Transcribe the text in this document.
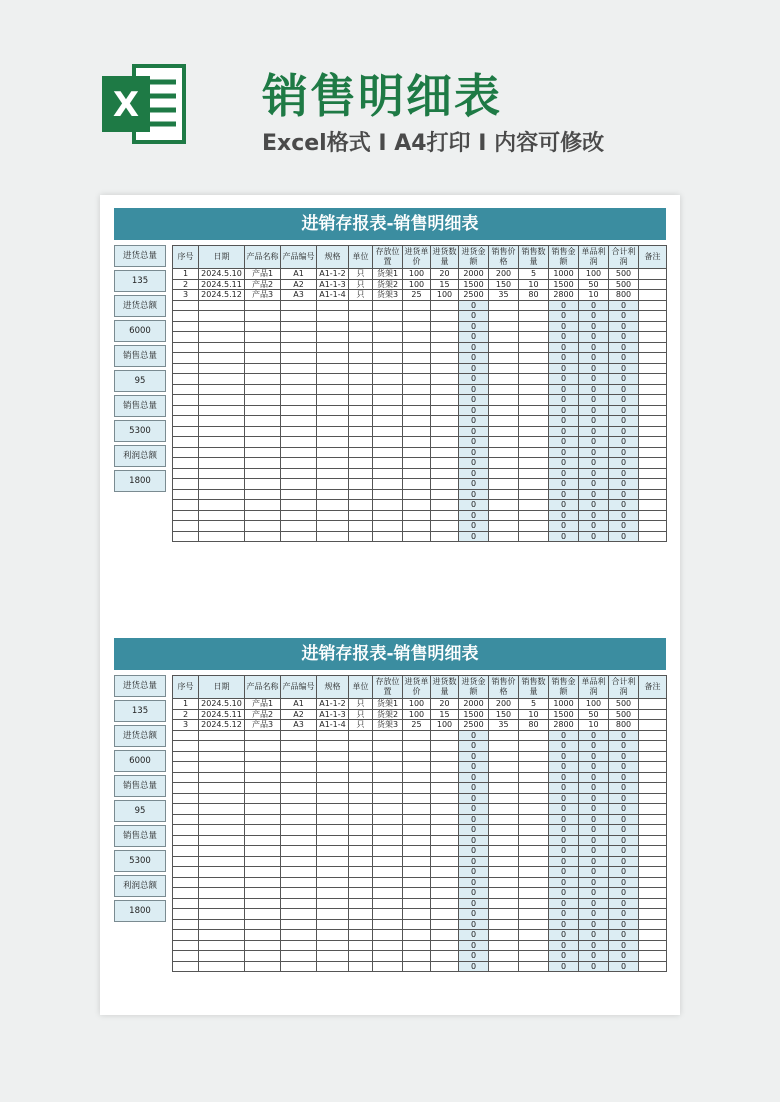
X	销售明细表
Excel格式 I A4打印 I 内容可修改
进销存报表-销售明细表
进货总量
135
进货总额
6000
销售总量
95
销售总量
5300
利润总额
1800
序号	日期	产品名称	产品编号	规格	单位	存放位置	进货单价	进货数量	进货金额	销售价格	销售数量	销售金额	单品利润	合计利润	备注
1	2024.5.10	产品1	A1	A1-1-2	只	货架1	100	20	2000	200	5	1000	100	500	
2	2024.5.11	产品2	A2	A1-1-3	只	货架2	100	15	1500	150	10	1500	50	500	
3	2024.5.12	产品3	A3	A1-1-4	只	货架3	25	100	2500	35	80	2800	10	800	
									0			0	0	0	
									0			0	0	0	
									0			0	0	0	
									0			0	0	0	
									0			0	0	0	
									0			0	0	0	
									0			0	0	0	
									0			0	0	0	
									0			0	0	0	
									0			0	0	0	
									0			0	0	0	
									0			0	0	0	
									0			0	0	0	
									0			0	0	0	
									0			0	0	0	
									0			0	0	0	
									0			0	0	0	
									0			0	0	0	
									0			0	0	0	
									0			0	0	0	
									0			0	0	0	
									0			0	0	0	
									0			0	0	0	
进销存报表-销售明细表
进货总量
135
进货总额
6000
销售总量
95
销售总量
5300
利润总额
1800
序号	日期	产品名称	产品编号	规格	单位	存放位置	进货单价	进货数量	进货金额	销售价格	销售数量	销售金额	单品利润	合计利润	备注
1	2024.5.10	产品1	A1	A1-1-2	只	货架1	100	20	2000	200	5	1000	100	500	
2	2024.5.11	产品2	A2	A1-1-3	只	货架2	100	15	1500	150	10	1500	50	500	
3	2024.5.12	产品3	A3	A1-1-4	只	货架3	25	100	2500	35	80	2800	10	800	
									0			0	0	0	
									0			0	0	0	
									0			0	0	0	
									0			0	0	0	
									0			0	0	0	
									0			0	0	0	
									0			0	0	0	
									0			0	0	0	
									0			0	0	0	
									0			0	0	0	
									0			0	0	0	
									0			0	0	0	
									0			0	0	0	
									0			0	0	0	
									0			0	0	0	
									0			0	0	0	
									0			0	0	0	
									0			0	0	0	
									0			0	0	0	
									0			0	0	0	
									0			0	0	0	
									0			0	0	0	
									0			0	0	0	
